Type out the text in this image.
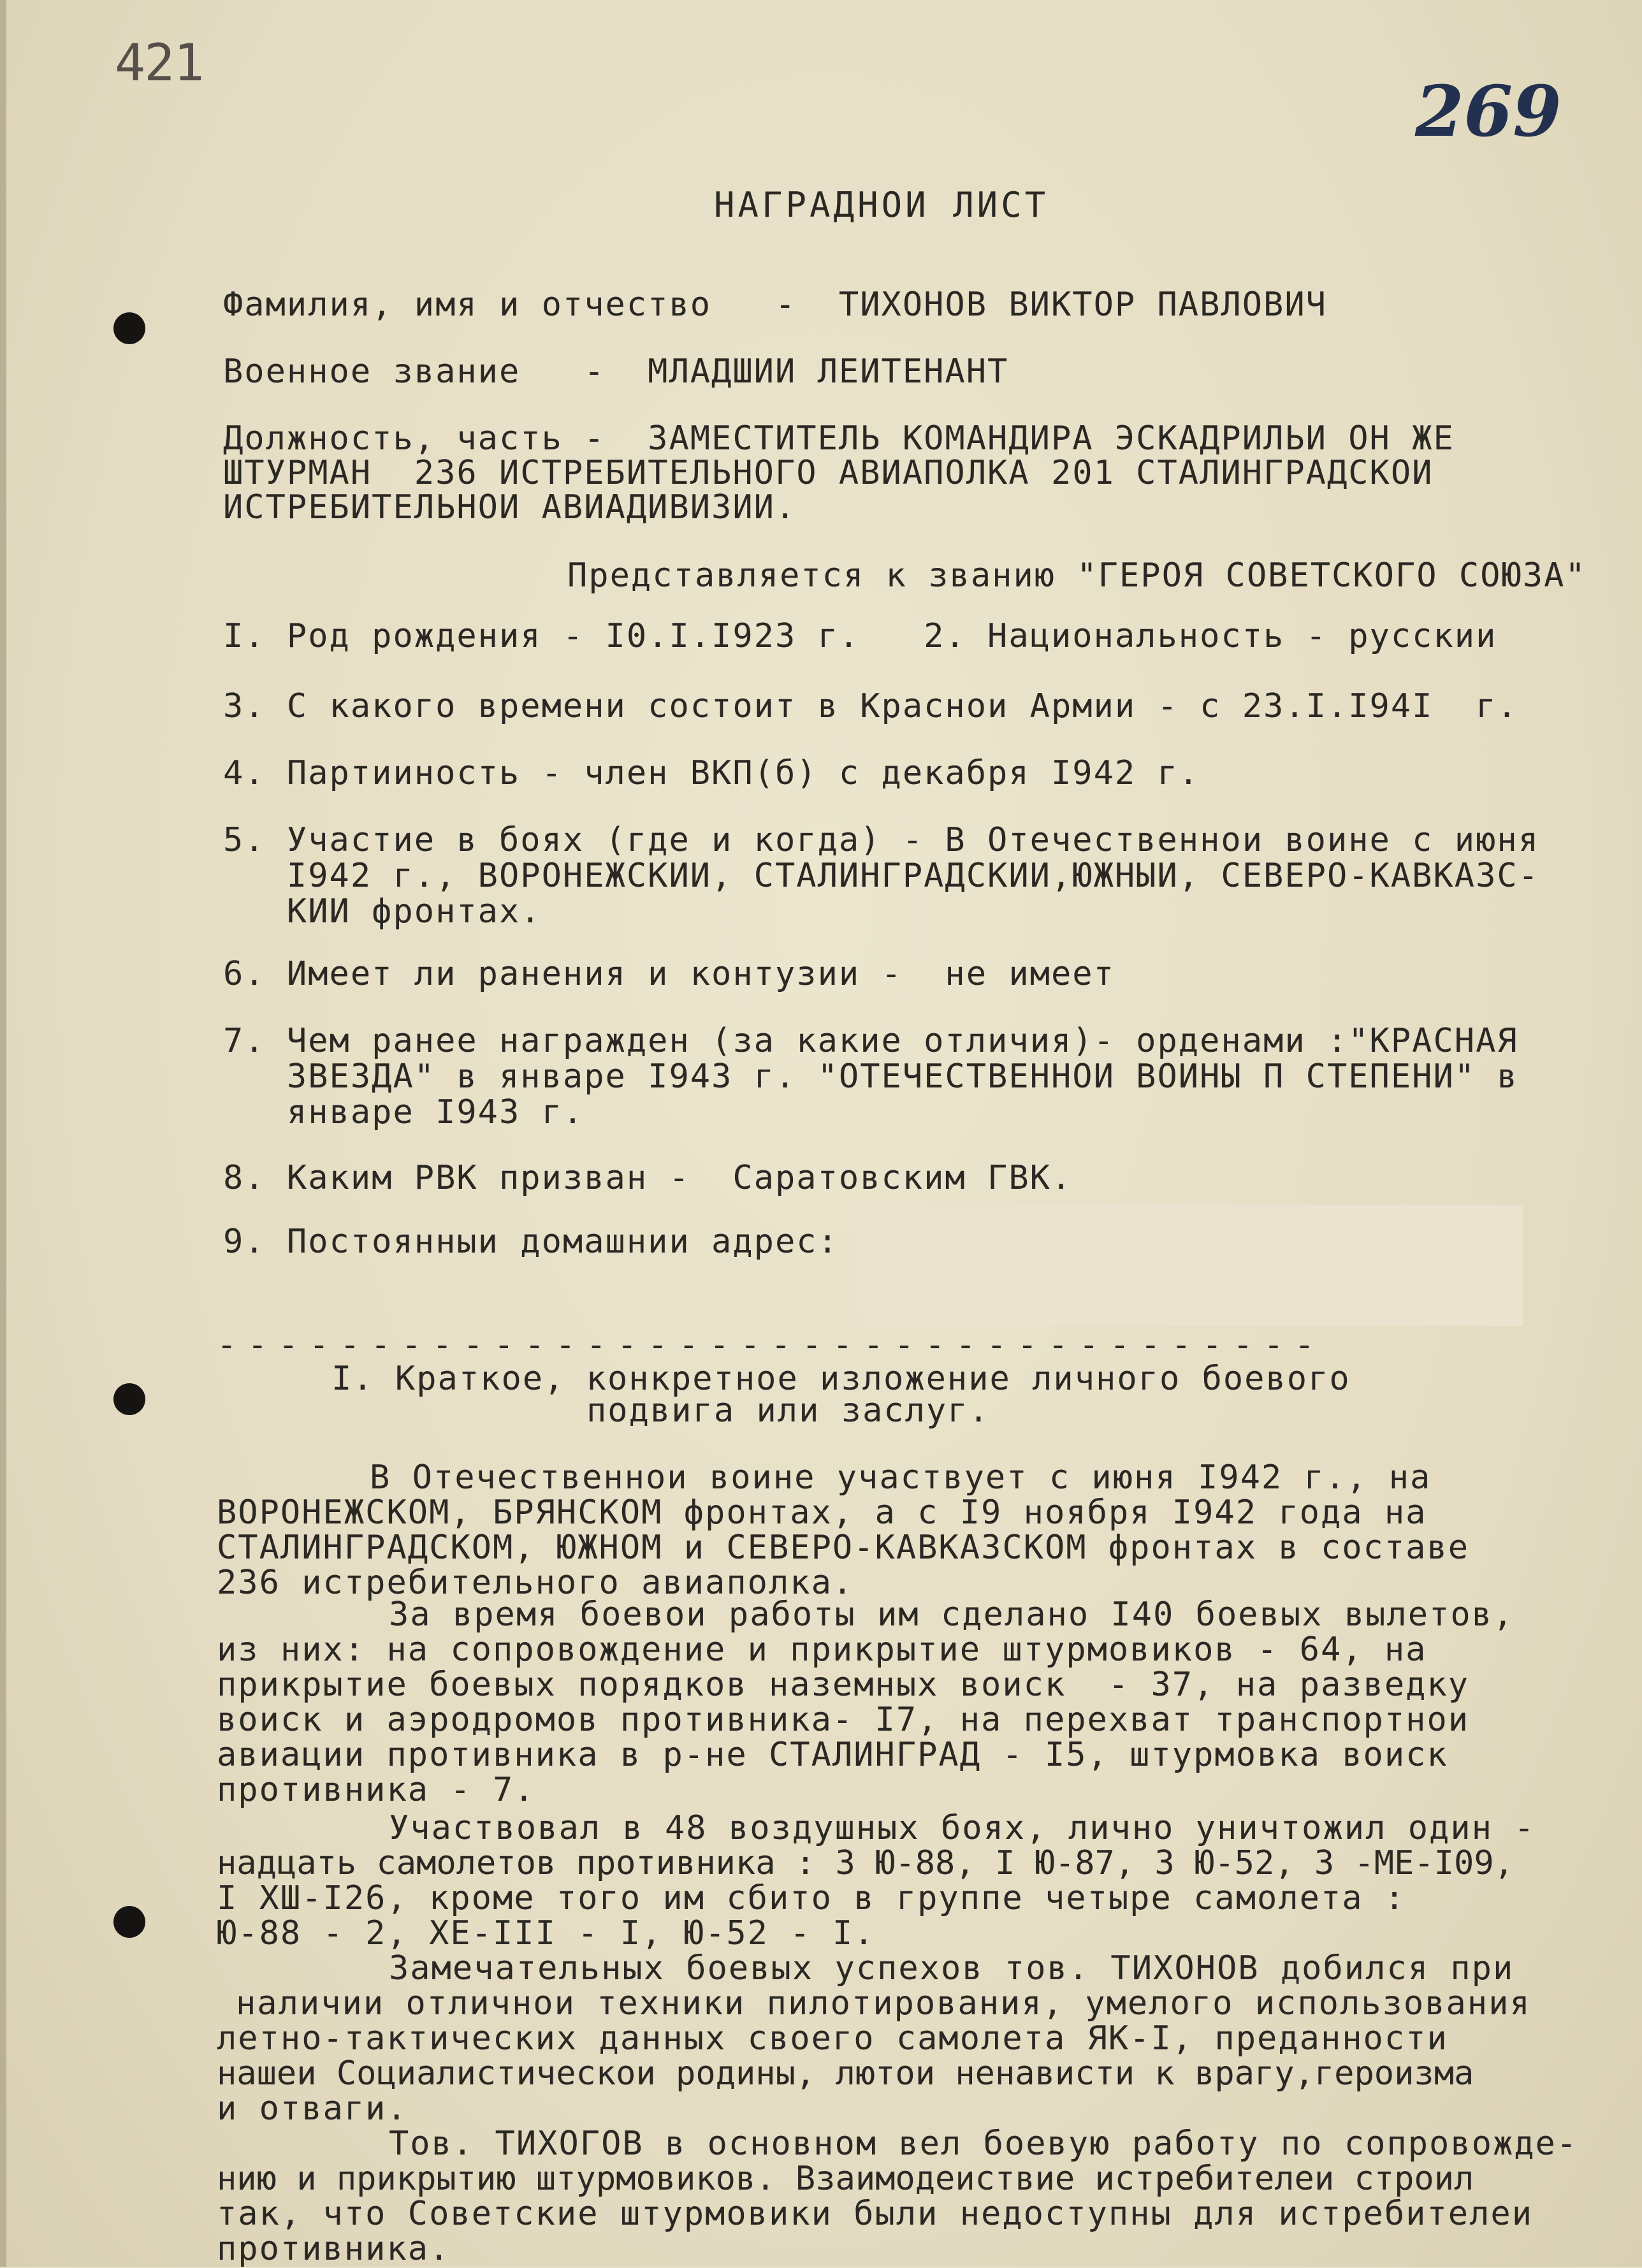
421
269
НАГРАДНОИ ЛИСТ
Фамилия, имя и отчество   -  ТИХОНОВ ВИКТОР ПАВЛОВИЧ
Военное звание   -  МЛАДШИИ ЛЕИТЕНАНТ
Должность, часть -  ЗАМЕСТИТЕЛЬ КОМАНДИРА ЭСКАДРИЛЬИ ОН ЖЕ
ШТУРМАН  236 ИСТРЕБИТЕЛЬНОГО АВИАПОЛКА 201 СТАЛИНГРАДСКОИ
ИСТРЕБИТЕЛЬНОИ АВИАДИВИЗИИ.
Представляется к званию "ГЕРОЯ СОВЕТСКОГО СОЮЗА"
I. Род рождения - I0.I.I923 г.   2. Национальность - русскии
3. С какого времени состоит в Краснои Армии - с 23.I.I94I  г.
4. Партииность - член ВКП(б) с декабря I942 г.
5. Участие в боях (где и когда) - В Отечественнои воине с июня
I942 г., ВОРОНЕЖСКИИ, СТАЛИНГРАДСКИИ,ЮЖНЫИ, СЕВЕРО-КАВКАЗС-
КИИ фронтах.
6. Имеет ли ранения и контузии -  не имеет
7. Чем ранее награжден (за какие отличия)- орденами :"КРАСНАЯ
ЗВЕЗДА" в январе I943 г. "ОТЕЧЕСТВЕННОИ ВОИНЫ П СТЕПЕНИ" в
январе I943 г.
8. Каким РВК призван -  Саратовским ГВК.
9. Постоянныи домашнии адрес:
------------------------------------
I. Краткое, конкретное изложение личного боевого
подвига или заслуг.
В Отечественнои воине участвует с июня I942 г., на
ВОРОНЕЖСКОМ, БРЯНСКОМ фронтах, а с I9 ноября I942 года на
СТАЛИНГРАДСКОМ, ЮЖНОМ и СЕВЕРО-КАВКАЗСКОМ фронтах в составе
236 истребительного авиаполка.
За время боевои работы им сделано I40 боевых вылетов,
из них: на сопровождение и прикрытие штурмовиков - 64, на
прикрытие боевых порядков наземных воиск  - 37, на разведку
воиск и аэродромов противника- I7, на перехват транспортнои
авиации противника в р-не СТАЛИНГРАД - I5, штурмовка воиск
противника - 7.
Участвовал в 48 воздушных боях, лично уничтожил один -
надцать самолетов противника : 3 Ю-88, I Ю-87, 3 Ю-52, 3 -МЕ-I09,
I ХШ-I26, кроме того им сбито в группе четыре самолета :
Ю-88 - 2, ХЕ-III - I, Ю-52 - I.
Замечательных боевых успехов тов. ТИХОНОВ добился при
наличии отличнои техники пилотирования, умелого использования
летно-тактических данных своего самолета ЯК-I, преданности
нашеи Социалистическои родины, лютои ненависти к врагу,героизма
и отваги.
Тов. ТИХОГОВ в основном вел боевую работу по сопровожде-
нию и прикрытию штурмовиков. Взаимодеиствие истребителеи строил
так, что Советские штурмовики были недоступны для истребителеи
противника.
